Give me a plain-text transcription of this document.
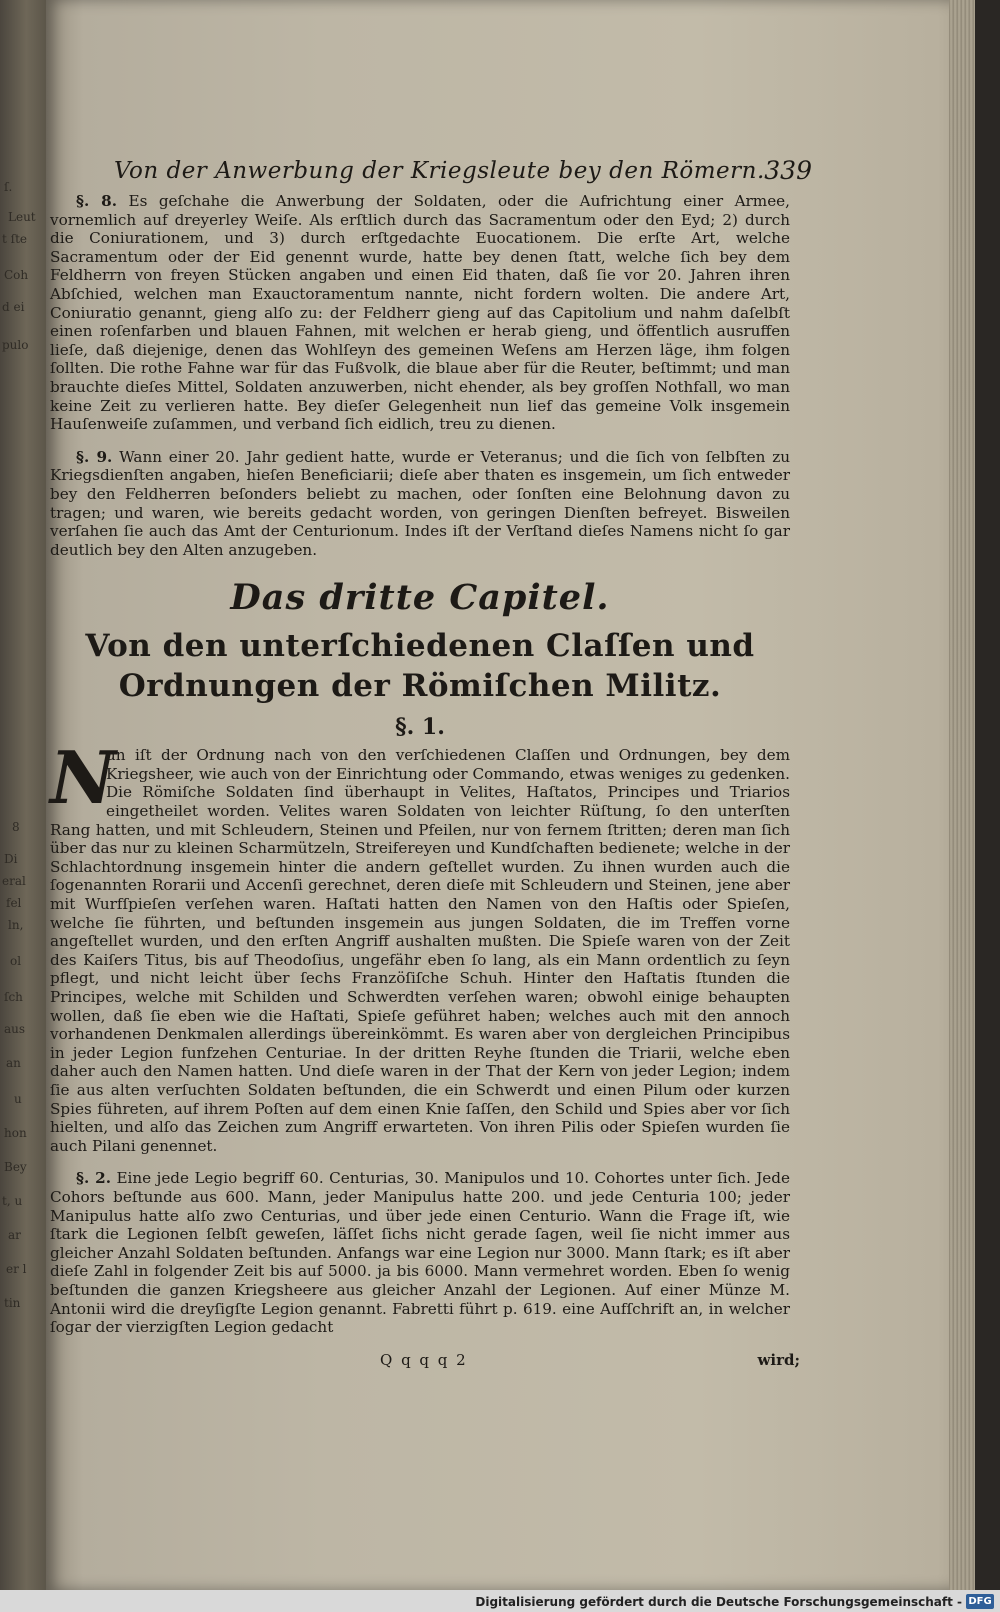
ſ.
Leut
t ſte
Coh
d ei
pulo
8
Di
eral
fel
ln,
ol
ſch
aus
an
u
hon
Bey
t, u
ar
er l
tin
Von der Anwerbung der Kriegsleute bey den Römern. 339

§. 8. Es geſchahe die Anwerbung der Soldaten, oder die Aufrichtung einer Armee, vornemlich auf dreyerley Weiſe. Als erſtlich durch das Sacramentum oder den Eyd; 2) durch die Coniurationem, und 3) durch erſtgedachte Euocationem. Die erſte Art, welche Sacramentum oder der Eid genennt wurde, hatte bey denen ſtatt, welche ſich bey dem Feldherrn von freyen Stücken angaben und einen Eid thaten, daß ſie vor 20. Jahren ihren Abſchied, welchen man Exauctoramentum nannte, nicht fordern wolten. Die andere Art, Coniuratio genannt, gieng alſo zu: der Feldherr gieng auf das Capitolium und nahm daſelbſt einen roſenfarben und blauen Fahnen, mit welchen er herab gieng, und öffentlich ausruffen lieſe, daß diejenige, denen das Wohlſeyn des gemeinen Weſens am Herzen läge, ihm folgen ſollten. Die rothe Fahne war für das Fußvolk, die blaue aber für die Reuter, beſtimmt; und man brauchte dieſes Mittel, Soldaten anzuwerben, nicht ehender, als bey groſſen Nothfall, wo man keine Zeit zu verlieren hatte. Bey dieſer Gelegenheit nun lief das gemeine Volk insgemein Hauſenweiſe zuſammen, und verband ſich eidlich, treu zu dienen.

§. 9. Wann einer 20. Jahr gedient hatte, wurde er Veteranus; und die ſich von ſelbſten zu Kriegsdienſten angaben, hieſen Beneficiarii; dieſe aber thaten es insgemein, um ſich entweder bey den Feldherren beſonders beliebt zu machen, oder ſonſten eine Belohnung davon zu tragen; und waren, wie bereits gedacht worden, von geringen Dienſten befreyet. Bisweilen verſahen ſie auch das Amt der Centurionum. Indes iſt der Verſtand dieſes Namens nicht ſo gar deutlich bey den Alten anzugeben.

Das dritte Capitel.
Von den unterſchiedenen Claſſen und Ordnungen der Römiſchen Militz.
§. 1.

N
un iſt der Ordnung nach von den verſchiedenen Claſſen und Ordnungen, bey dem Kriegsheer, wie auch von der Einrichtung oder Commando, etwas weniges zu gedenken. Die Römiſche Soldaten ſind überhaupt in Velites, Haſtatos, Principes und Triarios eingetheilet worden. Velites waren Soldaten von leichter Rüſtung, ſo den unterſten Rang hatten, und mit Schleudern, Steinen und Pfeilen, nur von fernem ſtritten; deren man ſich über das nur zu kleinen Scharmützeln, Streifereyen und Kundſchaften bedienete; welche in der Schlachtordnung insgemein hinter die andern geſtellet wurden. Zu ihnen wurden auch die ſogenannten Rorarii und Accenſi gerechnet, deren dieſe mit Schleudern und Steinen, jene aber mit Wurfſpieſen verſehen waren. Haſtati hatten den Namen von den Haſtis oder Spieſen, welche ſie führten, und beſtunden insgemein aus jungen Soldaten, die im Treffen vorne angeſtellet wurden, und den erſten Angriff aushalten mußten. Die Spieſe waren von der Zeit des Kaiſers Titus, bis auf Theodoſius, ungefähr eben ſo lang, als ein Mann ordentlich zu ſeyn pflegt, und nicht leicht über ſechs Franzöſiſche Schuh. Hinter den Haſtatis ſtunden die Principes, welche mit Schilden und Schwerdten verſehen waren; obwohl einige behaupten wollen, daß ſie eben wie die Haſtati, Spieſe geführet haben; welches auch mit den annoch vorhandenen Denkmalen allerdings übereinkömmt. Es waren aber von dergleichen Principibus in jeder Legion funfzehen Centuriae. In der dritten Reyhe ſtunden die Triarii, welche eben daher auch den Namen hatten. Und dieſe waren in der That der Kern von jeder Legion; indem ſie aus alten verſuchten Soldaten beſtunden, die ein Schwerdt und einen Pilum oder kurzen Spies führeten, auf ihrem Poſten auf dem einen Knie ſaſſen, den Schild und Spies aber vor ſich hielten, und alſo das Zeichen zum Angriff erwarteten. Von ihren Pilis oder Spieſen wurden ſie auch Pilani genennet.

§. 2. Eine jede Legio begriff 60. Centurias, 30. Manipulos und 10. Cohortes unter ſich. Jede Cohors beſtunde aus 600. Mann, jeder Manipulus hatte 200. und jede Centuria 100; jeder Manipulus hatte alſo zwo Centurias, und über jede einen Centurio. Wann die Frage iſt, wie ſtark die Legionen ſelbſt geweſen, läſſet ſichs nicht gerade ſagen, weil ſie nicht immer aus gleicher Anzahl Soldaten beſtunden. Anfangs war eine Legion nur 3000. Mann ſtark; es iſt aber dieſe Zahl in folgender Zeit bis auf 5000. ja bis 6000. Mann vermehret worden. Eben ſo wenig beſtunden die ganzen Kriegsheere aus gleicher Anzahl der Legionen. Auf einer Münze M. Antonii wird die dreyſigſte Legion genannt. Fabretti führt p. 619. eine Aufſchrift an, in welcher ſogar der vierzigſten Legion gedacht

Q q q q 2	wird;
Digitalisierung gefördert durch die Deutsche Forschungsgemeinschaft - DFG
